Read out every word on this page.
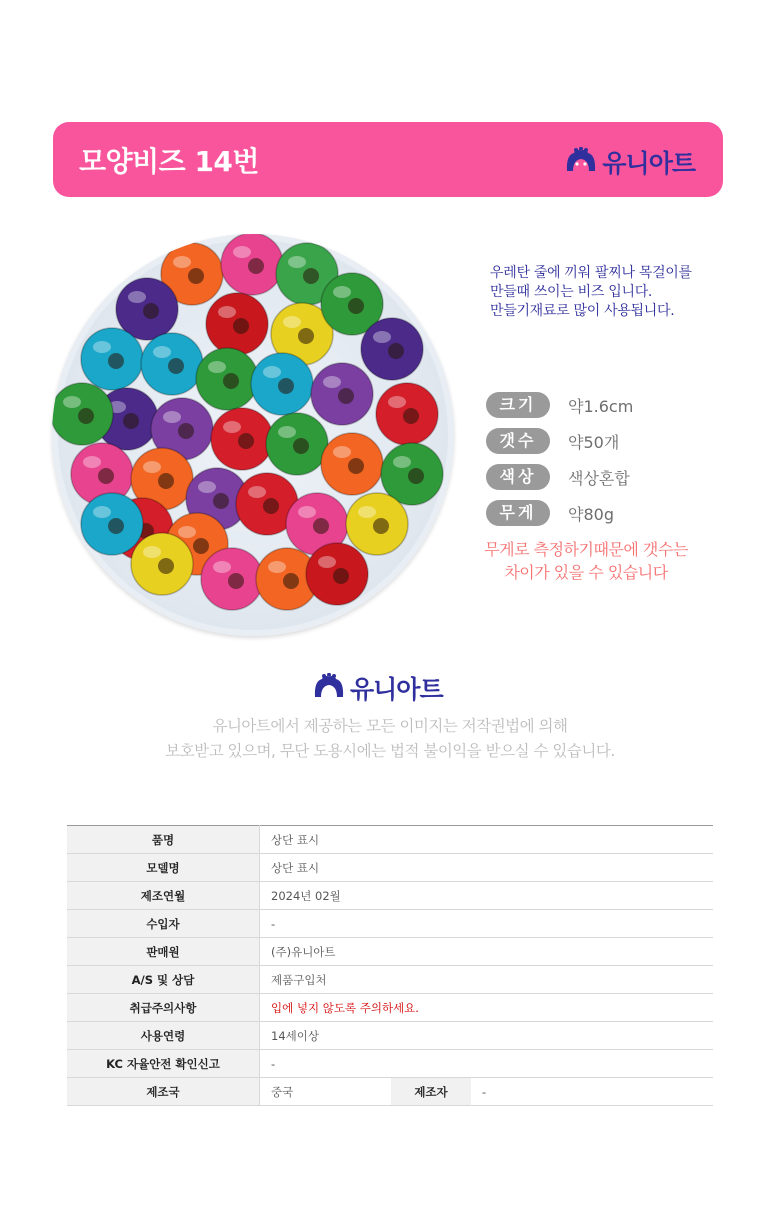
모양비즈 14번	유니아트
우레탄 줄에 끼워 팔찌나 목걸이를
만들때 쓰이는 비즈 입니다.
만들기재료로 많이 사용됩니다.
크기	약1.6cm
갯수	약50개
색상	색상혼합
무게	약80g
무게로 측정하기때문에 갯수는
차이가 있을 수 있습니다
유니아트
유니아트에서 제공하는 모든 이미지는 저작권법에 의해
보호받고 있으며, 무단 도용시에는 법적 불이익을 받으실 수 있습니다.
품명	상단 표시		
모델명	상단 표시		
제조연월	2024년 02월		
수입자	-		
판매원	(주)유니아트		
A/S 및 상담	제품구입처		
취급주의사항	입에 넣지 않도록 주의하세요.		
사용연령	14세이상		
KC 자율안전 확인신고	-		
제조국	중국	제조자	-
